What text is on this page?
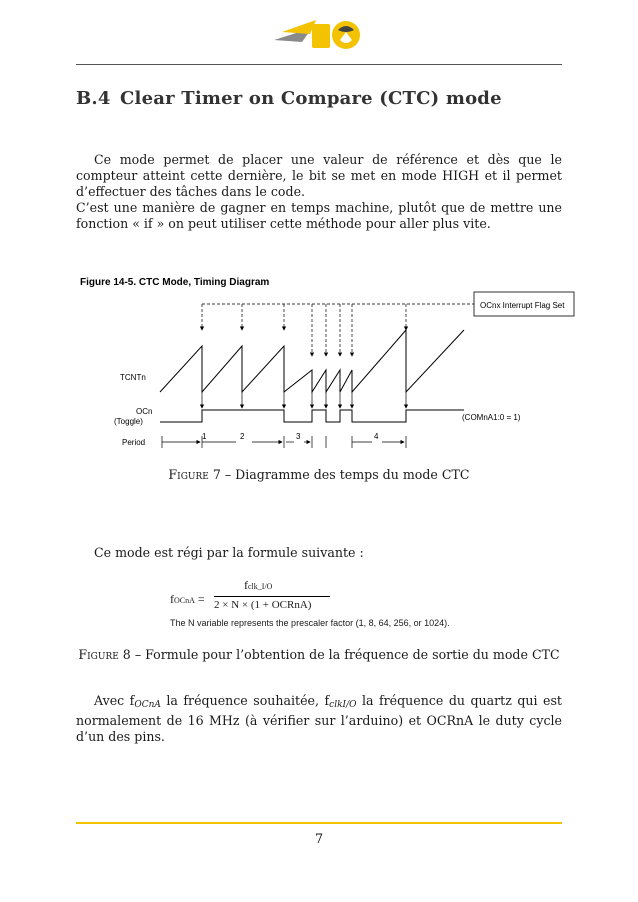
B.4 Clear Timer on Compare (CTC) mode
Ce mode permet de placer une valeur de référence et dès que le compteur atteint cette dernière, le bit se met en mode HIGH et il permet d’effectuer des tâches dans le code.
C’est une manière de gagner en temps machine, plutôt que de mettre une fonction « if » on peut utiliser cette méthode pour aller plus vite.
Figure 14-5. CTC Mode, Timing Diagram
OCnx Interrupt Flag Set
TCNTn
OCn
(Toggle)	(COMnA1:0 = 1)
Period
1	2	3	4
Figure 7 – Diagramme des temps du mode CTC
Ce mode est régi par la formule suivante :
fOCnA =
fclk_I/O
2 × N × (1 + OCRnA)
The N variable represents the prescaler factor (1, 8, 64, 256, or 1024).
Figure 8 – Formule pour l’obtention de la fréquence de sortie du mode CTC
Avec $f_{OCnA}$ la fréquence souhaitée, $f_{clkI/O}$ la fréquence du quartz qui est normalement de 16 MHz (à vérifier sur l’arduino) et OCRnA le duty cycle d’un des pins.
7
